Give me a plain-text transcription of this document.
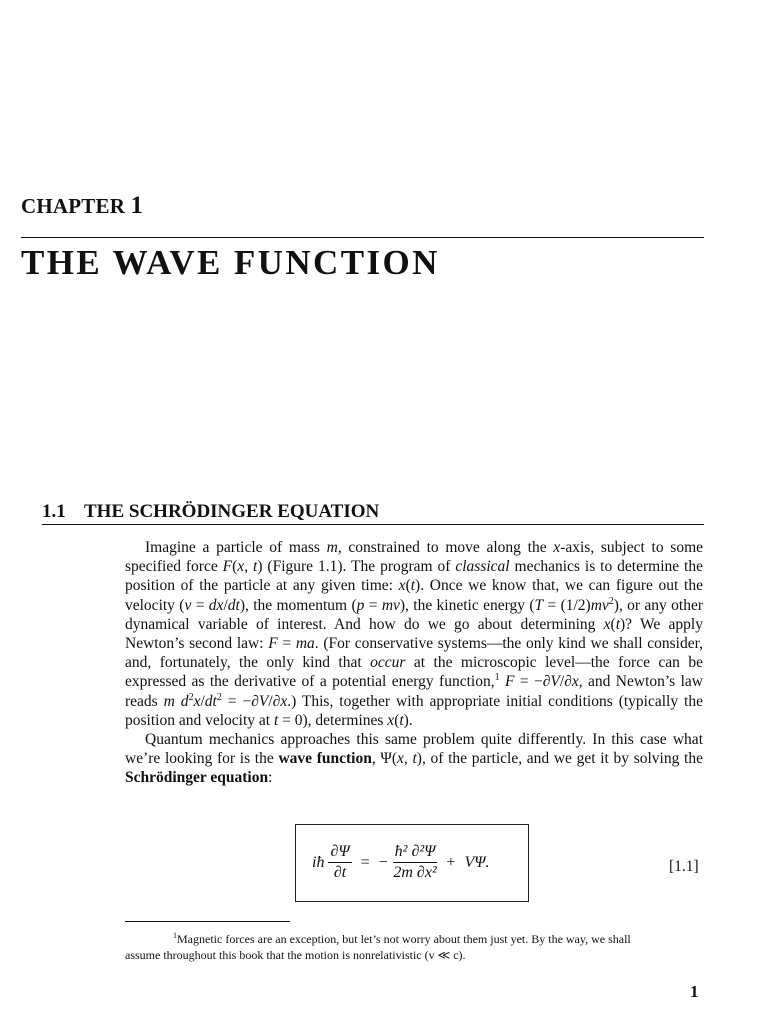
CHAPTER 1
THE WAVE FUNCTION
1.1 THE SCHRÖDINGER EQUATION

Imagine a particle of mass m, constrained to move along the x-axis, subject to some specified force F(x, t) (Figure 1.1). The program of classical mechanics is to determine the position of the particle at any given time: x(t). Once we know that, we can figure out the velocity (v = dx/dt), the momentum (p = mv), the kinetic energy $(T = (1/2)mv^2)$, or any other dynamical variable of interest. And how do we go about determining x(t)? We apply Newton’s second law: F = ma. (For conservative systems—the only kind we shall consider, and, fortunately, the only kind that occur at the microscopic level—the force can be expressed as the derivative of a potential energy function,$^1$ F = −∂V/∂x, and Newton’s law reads m $d^2x/dt^2 = -\partial V/\partial x$.) This, together with appropriate initial conditions (typically the position and velocity at t = 0), determines x(t).

Quantum mechanics approaches this same problem quite differently. In this case what we’re looking for is the wave function, Ψ(x, t), of the particle, and we get it by solving the Schrödinger equation:

iħ $\frac{\partial\Psi}{\partial t}$ = − $\frac{\text{ħ² ∂²Ψ}}{\text{2m ∂x²}} + V\Psi$.	[1.1]
$^1$Magnetic forces are an exception, but let’s not worry about them just yet. By the way, we shall
assume throughout this book that the motion is nonrelativistic (v ≪ c).
1
